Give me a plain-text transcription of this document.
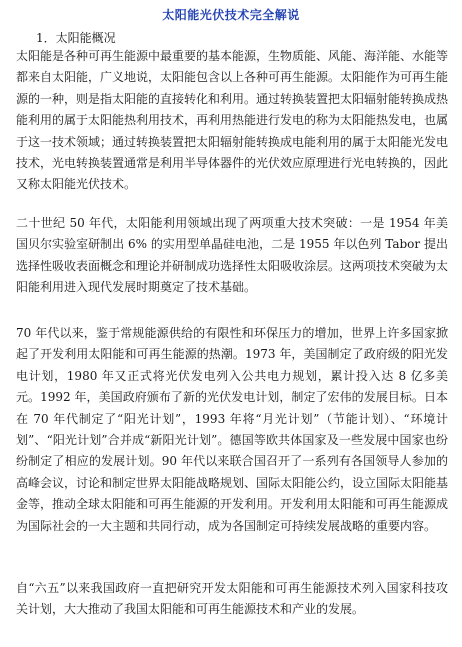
太阳能光伏技术完全解说
1．太阳能概况

太阳能是各种可再生能源中最重要的基本能源，生物质能、风能、海洋能、水能等都来自太阳能，广义地说，太阳能包含以上各种可再生能源。太阳能作为可再生能源的一种，则是指太阳能的直接转化和利用。通过转换装置把太阳辐射能转换成热能利用的属于太阳能热利用技术，再利用热能进行发电的称为太阳能热发电，也属于这一技术领域；通过转换装置把太阳辐射能转换成电能利用的属于太阳能光发电技术，光电转换装置通常是利用半导体器件的光伏效应原理进行光电转换的，因此又称太阳能光伏技术。

二十世纪 50 年代，太阳能利用领域出现了两项重大技术突破：一是 1954 年美国贝尔实验室研制出 6% 的实用型单晶硅电池，二是 1955 年以色列 Tabor 提出选择性吸收表面概念和理论并研制成功选择性太阳吸收涂层。这两项技术突破为太阳能利用进入现代发展时期奠定了技术基础。

70 年代以来，鉴于常规能源供给的有限性和环保压力的增加，世界上许多国家掀起了开发利用太阳能和可再生能源的热潮。1973 年，美国制定了政府级的阳光发电计划，1980 年又正式将光伏发电列入公共电力规划，累计投入达 8 亿多美元。1992 年，美国政府颁布了新的光伏发电计划，制定了宏伟的发展目标。日本在 70 年代制定了“阳光计划”，1993 年将“月光计划”（节能计划）、“环境计划”、“阳光计划”合并成“新阳光计划”。德国等欧共体国家及一些发展中国家也纷纷制定了相应的发展计划。90 年代以来联合国召开了一系列有各国领导人参加的高峰会议，讨论和制定世界太阳能战略规划、国际太阳能公约，设立国际太阳能基金等，推动全球太阳能和可再生能源的开发利用。开发利用太阳能和可再生能源成为国际社会的一大主题和共同行动，成为各国制定可持续发展战略的重要内容。

自“六五”以来我国政府一直把研究开发太阳能和可再生能源技术列入国家科技攻关计划，大大推动了我国太阳能和可再生能源技术和产业的发展。
